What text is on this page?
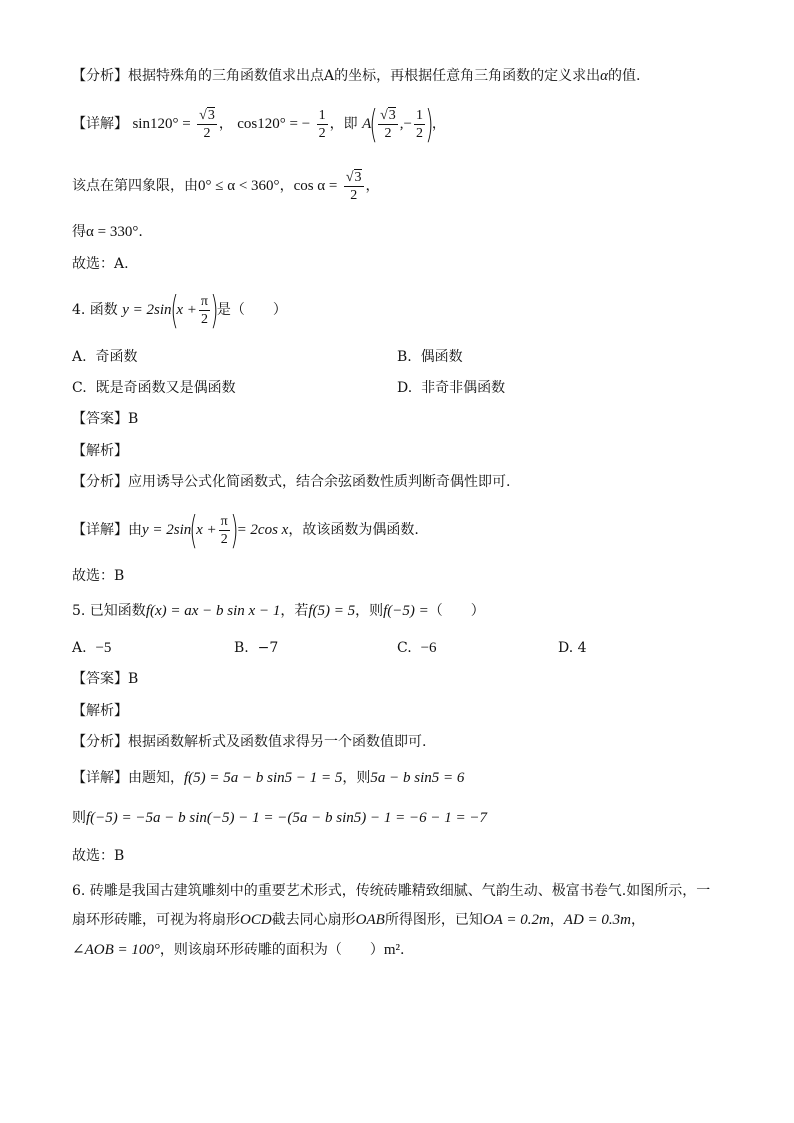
【分析】根据特殊角的三角函数值求出点A的坐标，再根据任意角三角函数的定义求出α的值.
【详解】 $\sin 120^\circ = \frac{√3}{2}$ ， cos120° = − $\frac{1}{2}$ ，即 $A( \frac{√3}{2}$ ,− $\frac{1}{2}$ )，
该点在第四象限，由0° ≤ α < 360°，$\cos \alpha = \frac{√3}{2}$ ，
得α = 330°.
故选：A.
4. 函数 $y = 2\sin(x + \frac{\pi}{2}$ )是（　　）
A. 奇函数	B. 偶函数
C. 既是奇函数又是偶函数	D. 非奇非偶函数
【答案】B
【解析】
【分析】应用诱导公式化简函数式，结合余弦函数性质判断奇偶性即可.
【详解】由$y = 2\sin(x + \frac{\pi}{2}$ )= 2cos x，故该函数为偶函数.
故选：B
5. 已知函数f(x) = ax − b sin x − 1，若f(5) = 5，则f(−5) =（　　）
A. −5	B. −7	C. −6	D. 4
【答案】B
【解析】
【分析】根据函数解析式及函数值求得另一个函数值即可.
【详解】由题知，f(5) = 5a − b sin5 − 1 = 5，则5a − b sin5 = 6
则f(−5) = −5a − b sin(−5) − 1 = −(5a − b sin5) − 1 = −6 − 1 = −7
故选：B
6. 砖雕是我国古建筑雕刻中的重要艺术形式，传统砖雕精致细腻、气韵生动、极富书卷气.如图所示，一
扇环形砖雕，可视为将扇形OCD截去同心扇形OAB所得图形，已知OA = 0.2m，AD = 0.3m，
∠AOB = 100°，则该扇环形砖雕的面积为（　　）m².
